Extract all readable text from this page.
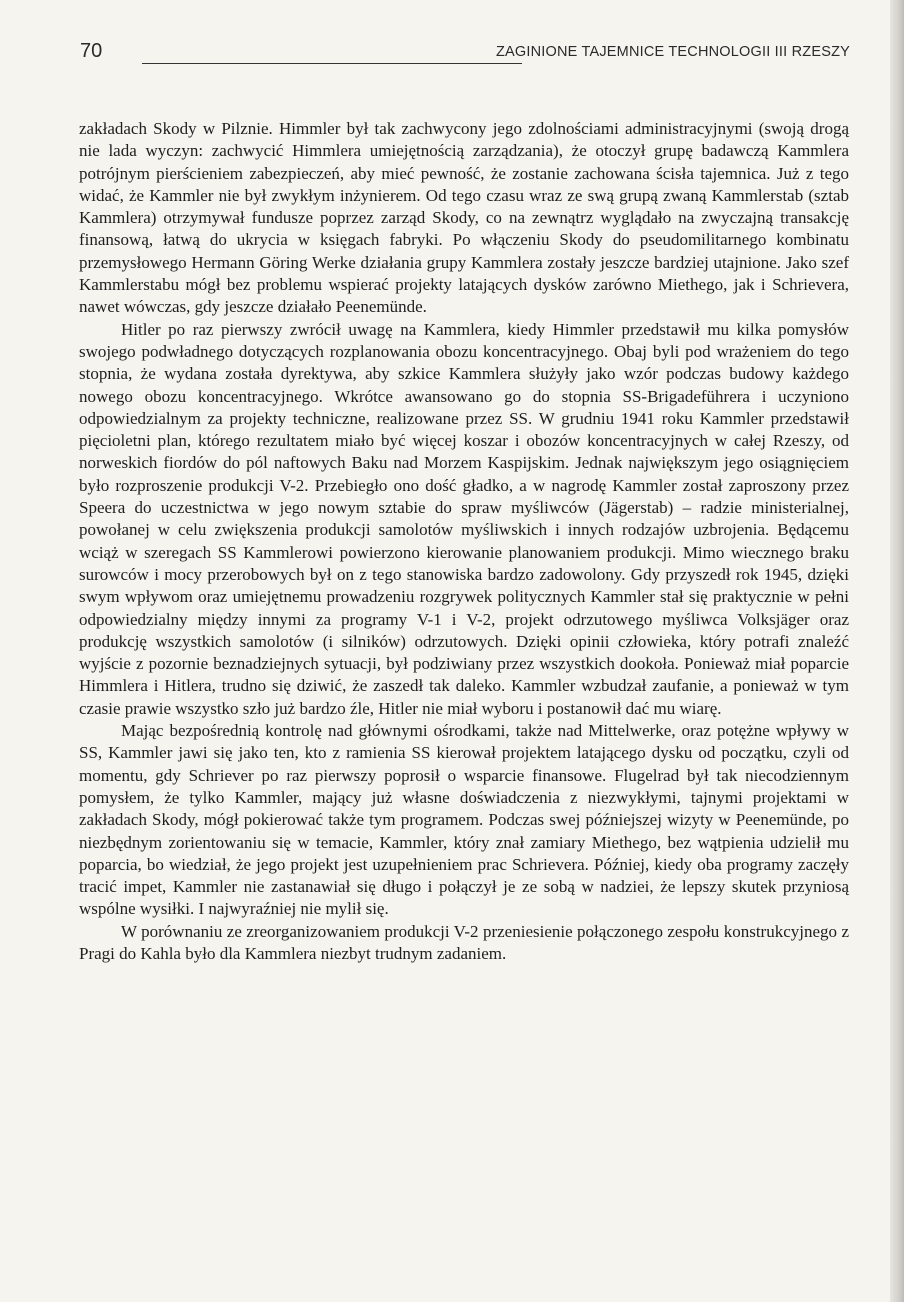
70	ZAGINIONE TAJEMNICE TECHNOLOGII III RZESZY

zakładach Skody w Pilznie. Himmler był tak zachwycony jego zdolnościami administracyjnymi (swoją drogą nie lada wyczyn: zachwycić Himmlera umiejętnością zarządzania), że otoczył grupę badawczą Kammlera potrójnym pierścieniem zabezpieczeń, aby mieć pewność, że zostanie zachowana ścisła tajemnica. Już z tego widać, że Kammler nie był zwykłym inżynierem. Od tego czasu wraz ze swą grupą zwaną Kammlerstab (sztab Kammlera) otrzymywał fundusze poprzez zarząd Skody, co na zewnątrz wyglądało na zwyczajną transakcję finansową, łatwą do ukrycia w księgach fabryki. Po włączeniu Skody do pseudomilitarnego kombinatu przemysłowego Hermann Göring Werke działania grupy Kammlera zostały jeszcze bardziej utajnione. Jako szef Kammlerstabu mógł bez problemu wspierać projekty latających dysków zarówno Miethego, jak i Schrievera, nawet wówczas, gdy jeszcze działało Peenemünde.

Hitler po raz pierwszy zwrócił uwagę na Kammlera, kiedy Himmler przedstawił mu kilka pomysłów swojego podwładnego dotyczących rozplanowania obozu koncentracyjnego. Obaj byli pod wrażeniem do tego stopnia, że wydana została dyrektywa, aby szkice Kammlera służyły jako wzór podczas budowy każdego nowego obozu koncentracyjnego. Wkrótce awansowano go do stopnia SS-Brigadeführera i uczyniono odpowiedzialnym za projekty techniczne, realizowane przez SS. W grudniu 1941 roku Kammler przedstawił pięcioletni plan, którego rezultatem miało być więcej koszar i obozów koncentracyjnych w całej Rzeszy, od norweskich fiordów do pól naftowych Baku nad Morzem Kaspijskim. Jednak największym jego osiągnięciem było rozproszenie produkcji V-2. Przebiegło ono dość gładko, a w nagrodę Kammler został zaproszony przez Speera do uczestnictwa w jego nowym sztabie do spraw myśliwców (Jägerstab) – radzie ministerialnej, powołanej w celu zwiększenia produkcji samolotów myśliwskich i innych rodzajów uzbrojenia. Będącemu wciąż w szeregach SS Kammlerowi powierzono kierowanie planowaniem produkcji. Mimo wiecznego braku surowców i mocy przerobowych był on z tego stanowiska bardzo zadowolony. Gdy przyszedł rok 1945, dzięki swym wpływom oraz umiejętnemu prowadzeniu rozgrywek politycznych Kammler stał się praktycznie w pełni odpowiedzialny między innymi za programy V-1 i V-2, projekt odrzutowego myśliwca Volksjäger oraz produkcję wszystkich samolotów (i silników) odrzutowych. Dzięki opinii człowieka, który potrafi znaleźć wyjście z pozornie beznadziejnych sytuacji, był podziwiany przez wszystkich dookoła. Ponieważ miał poparcie Himmlera i Hitlera, trudno się dziwić, że zaszedł tak daleko. Kammler wzbudzał zaufanie, a ponieważ w tym czasie prawie wszystko szło już bardzo źle, Hitler nie miał wyboru i postanowił dać mu wiarę.

Mając bezpośrednią kontrolę nad głównymi ośrodkami, także nad Mittelwerke, oraz potężne wpływy w SS, Kammler jawi się jako ten, kto z ramienia SS kierował projektem latającego dysku od początku, czyli od momentu, gdy Schriever po raz pierwszy poprosił o wsparcie finansowe. Flugelrad był tak niecodziennym pomysłem, że tylko Kammler, mający już własne doświadczenia z niezwykłymi, tajnymi projektami w zakładach Skody, mógł pokierować także tym programem. Podczas swej późniejszej wizyty w Peenemünde, po niezbędnym zorientowaniu się w temacie, Kammler, który znał zamiary Miethego, bez wątpienia udzielił mu poparcia, bo wiedział, że jego projekt jest uzupełnieniem prac Schrievera. Później, kiedy oba programy zaczęły tracić impet, Kammler nie zastanawiał się długo i połączył je ze sobą w nadziei, że lepszy skutek przyniosą wspólne wysiłki. I najwyraźniej nie mylił się.

W porównaniu ze zreorganizowaniem produkcji V-2 przeniesienie połączonego zespołu konstrukcyjnego z Pragi do Kahla było dla Kammlera niezbyt trudnym zadaniem.
